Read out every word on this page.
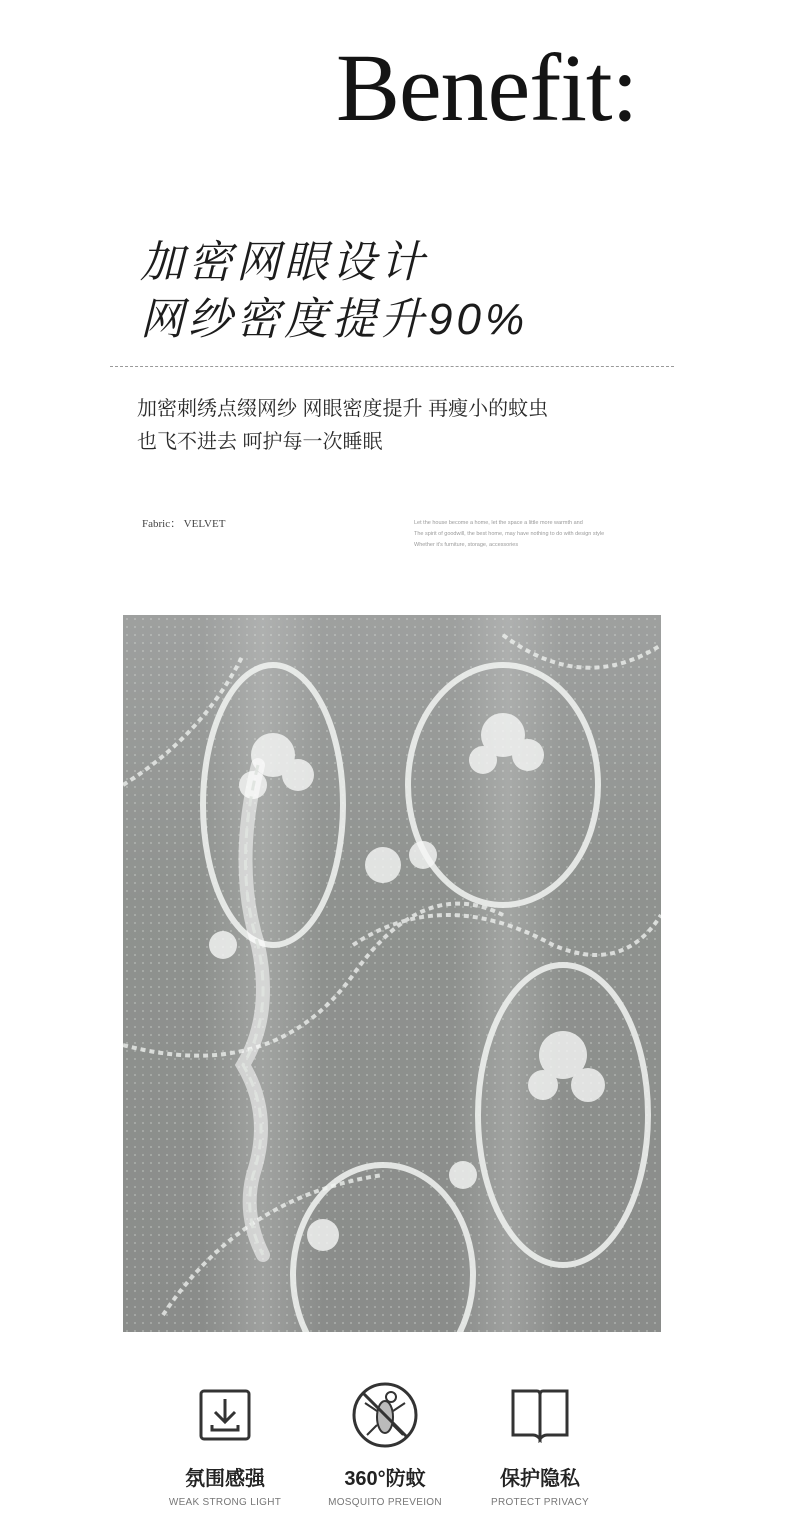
Benefit:
加密网眼设计
网纱密度提升90%
加密刺绣点缀网纱 网眼密度提升 再瘦小的蚊虫
也飞不进去 呵护每一次睡眠
Fabric： VELVET	Let the house become a home, let the space a little more warmth and
The spirit of goodwill, the best home, may have nothing to do with design style
Whether it's furniture, storage, accessories
氛围感强
WEAK STRONG LIGHT
360°防蚊
MOSQUITO PREVEION
保护隐私
PROTECT PRIVACY
